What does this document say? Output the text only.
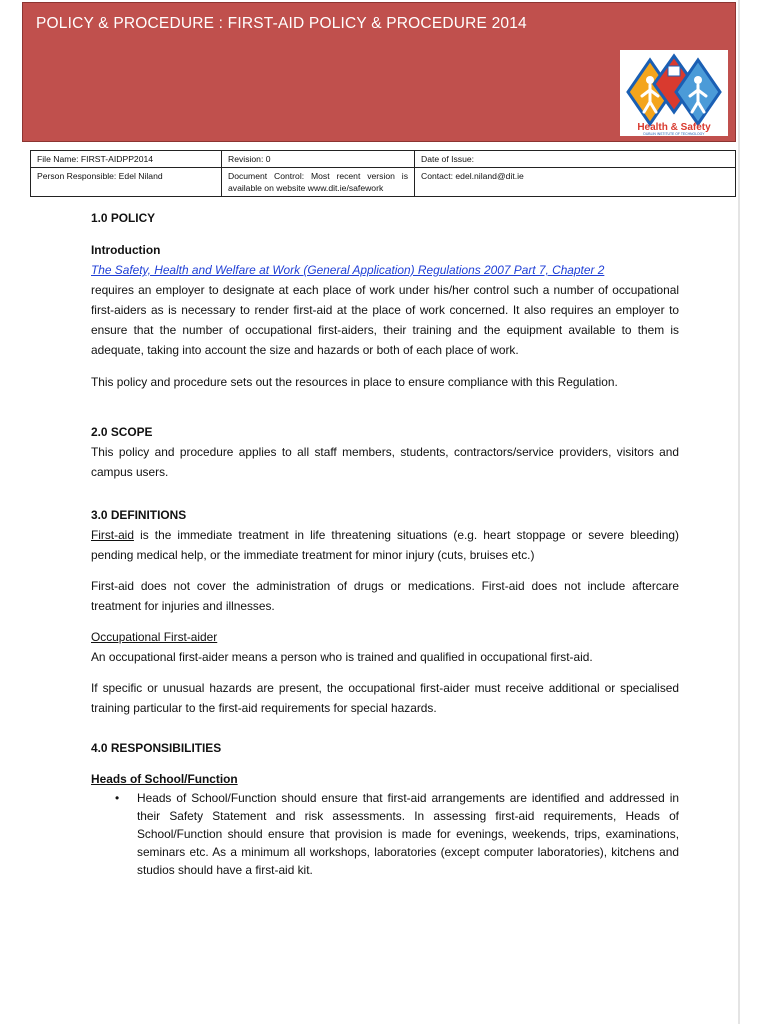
POLICY & PROCEDURE : FIRST-AID POLICY & PROCEDURE 2014
Health & Safety
DUBLIN INSTITUTE OF TECHNOLOGY
File Name: FIRST-AIDPP2014	Revision: 0	Date of Issue:
Person Responsible: Edel Niland	Document Control: Most recent version is available on website www.dit.ie/safework	Contact: edel.niland@dit.ie

1.0 POLICY

Introduction

The Safety, Health and Welfare at Work (General Application) Regulations 2007 Part 7, Chapter 2

requires an employer to designate at each place of work under his/her control such a number of occupational first-aiders as is necessary to render first-aid at the place of work concerned. It also requires an employer to ensure that the number of occupational first-aiders, their training and the equipment available to them is adequate, taking into account the size and hazards or both of each place of work.

This policy and procedure sets out the resources in place to ensure compliance with this Regulation.

2.0 SCOPE

This policy and procedure applies to all staff members, students, contractors/service providers, visitors and campus users.

3.0 DEFINITIONS

First-aid is the immediate treatment in life threatening situations (e.g. heart stoppage or severe bleeding) pending medical help, or the immediate treatment for minor injury (cuts, bruises etc.)

First-aid does not cover the administration of drugs or medications. First-aid does not include aftercare treatment for injuries and illnesses.

Occupational First-aider

An occupational first-aider means a person who is trained and qualified in occupational first-aid.

If specific or unusual hazards are present, the occupational first-aider must receive additional or specialised training particular to the first-aid requirements for special hazards.

4.0 RESPONSIBILITIES

Heads of School/Function

• Heads of School/Function should ensure that first-aid arrangements are identified and addressed in their Safety Statement and risk assessments. In assessing first-aid requirements, Heads of School/Function should ensure that provision is made for evenings, weekends, trips, examinations, seminars etc. As a minimum all workshops, laboratories (except computer laboratories), kitchens and studios should have a first-aid kit.
